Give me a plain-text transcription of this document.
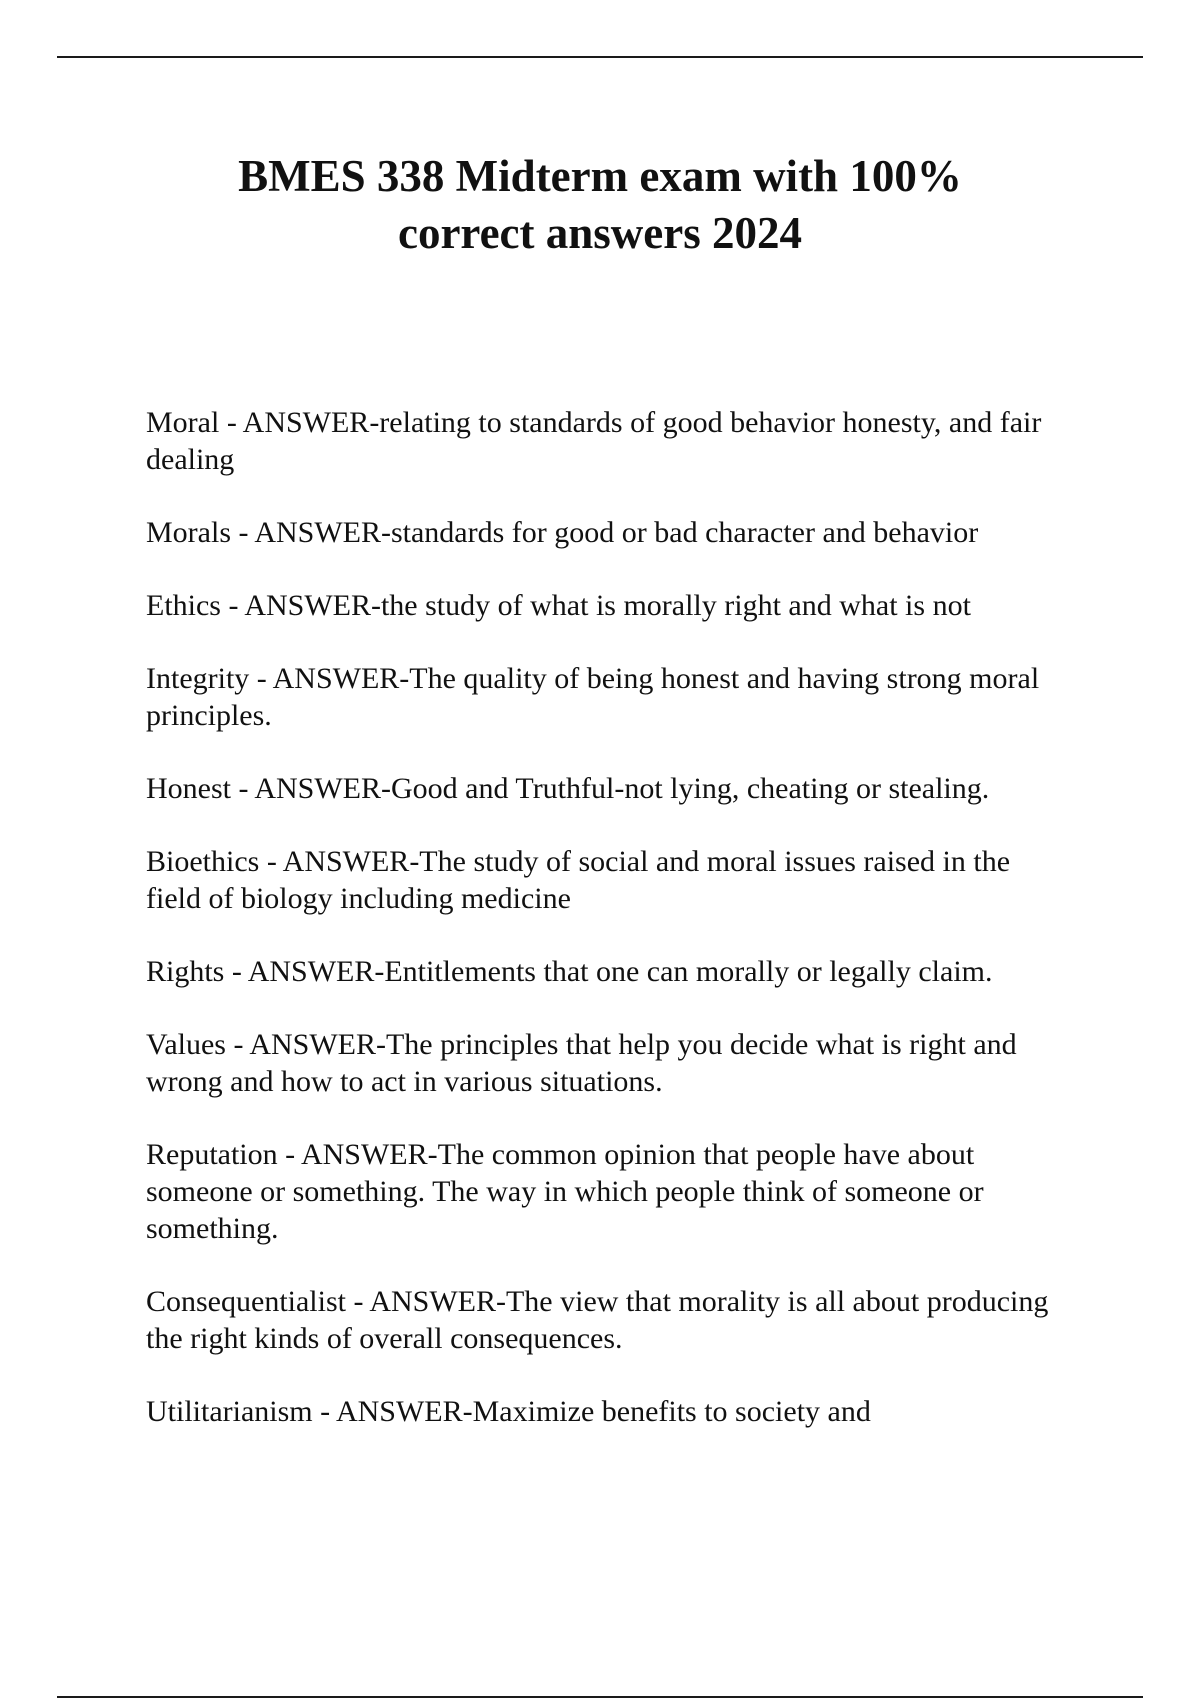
BMES 338 Midterm exam with 100%
correct answers 2024
Moral - ANSWER-relating to standards of good behavior honesty, and fair dealing
Morals - ANSWER-standards for good or bad character and behavior
Ethics - ANSWER-the study of what is morally right and what is not
Integrity - ANSWER-The quality of being honest and having strong moral principles.
Honest - ANSWER-Good and Truthful-not lying, cheating or stealing.
Bioethics - ANSWER-The study of social and moral issues raised in the field of biology including medicine
Rights - ANSWER-Entitlements that one can morally or legally claim.
Values - ANSWER-The principles that help you decide what is right and wrong and how to act in various situations.
Reputation - ANSWER-The common opinion that people have about someone or something. The way in which people think of someone or something.
Consequentialist - ANSWER-The view that morality is all about producing the right kinds of overall consequences.
Utilitarianism - ANSWER-Maximize benefits to society and
